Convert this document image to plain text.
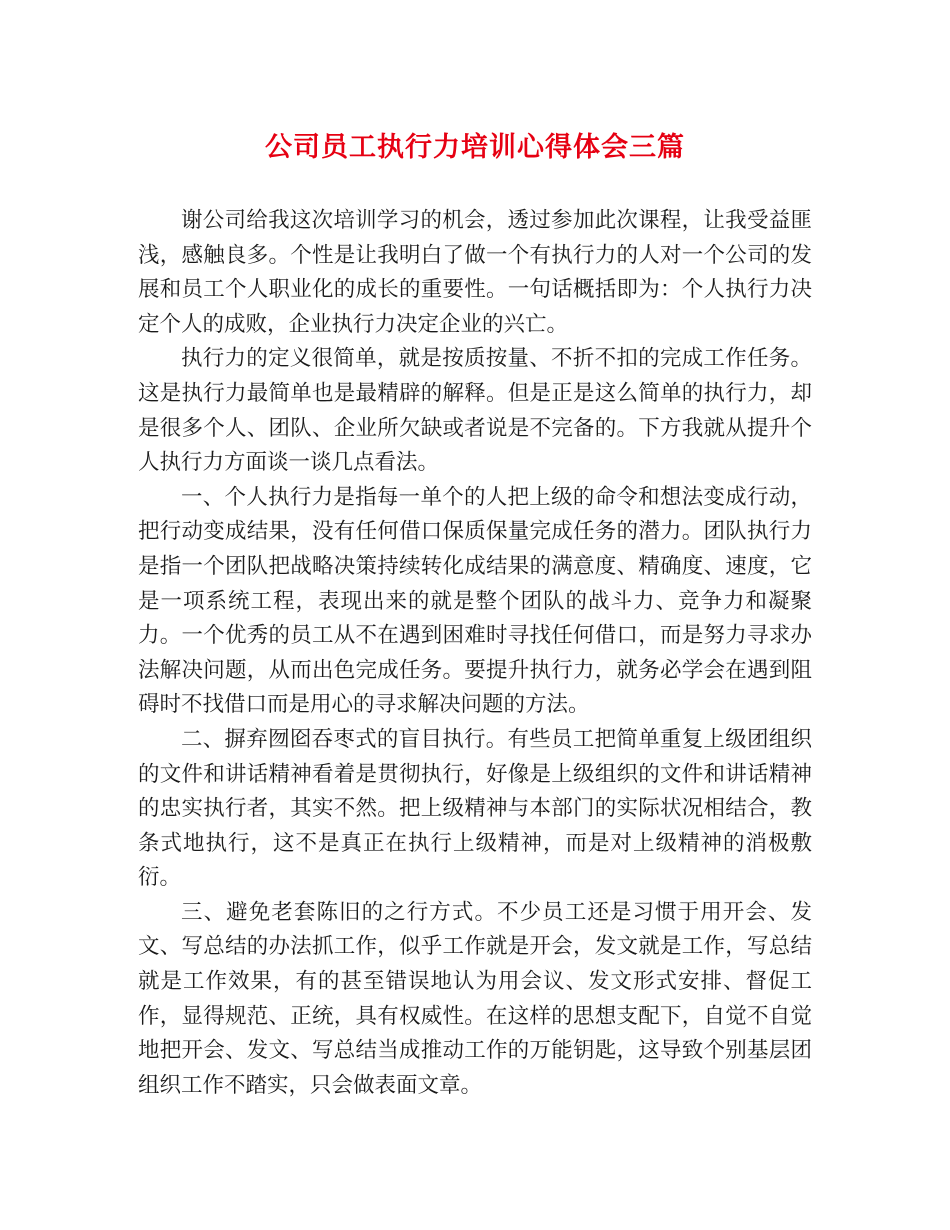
公司员工执行力培训心得体会三篇

谢公司给我这次培训学习的机会，透过参加此次课程，让我受益匪浅，感触良多。个性是让我明白了做一个有执行力的人对一个公司的发展和员工个人职业化的成长的重要性。一句话概括即为：个人执行力决定个人的成败，企业执行力决定企业的兴亡。

执行力的定义很简单，就是按质按量、不折不扣的完成工作任务。这是执行力最简单也是最精辟的解释。但是正是这么简单的执行力，却是很多个人、团队、企业所欠缺或者说是不完备的。下方我就从提升个人执行力方面谈一谈几点看法。

一、个人执行力是指每一单个的人把上级的命令和想法变成行动，把行动变成结果，没有任何借口保质保量完成任务的潜力。团队执行力是指一个团队把战略决策持续转化成结果的满意度、精确度、速度，它是一项系统工程，表现出来的就是整个团队的战斗力、竞争力和凝聚力。一个优秀的员工从不在遇到困难时寻找任何借口，而是努力寻求办法解决问题，从而出色完成任务。要提升执行力，就务必学会在遇到阻碍时不找借口而是用心的寻求解决问题的方法。

二、摒弃囫囵吞枣式的盲目执行。有些员工把简单重复上级团组织的文件和讲话精神看着是贯彻执行，好像是上级组织的文件和讲话精神的忠实执行者，其实不然。把上级精神与本部门的实际状况相结合，教条式地执行，这不是真正在执行上级精神，而是对上级精神的消极敷衍。

三、避免老套陈旧的之行方式。不少员工还是习惯于用开会、发文、写总结的办法抓工作，似乎工作就是开会，发文就是工作，写总结就是工作效果，有的甚至错误地认为用会议、发文形式安排、督促工作，显得规范、正统，具有权威性。在这样的思想支配下，自觉不自觉地把开会、发文、写总结当成推动工作的万能钥匙，这导致个别基层团组织工作不踏实，只会做表面文章。
